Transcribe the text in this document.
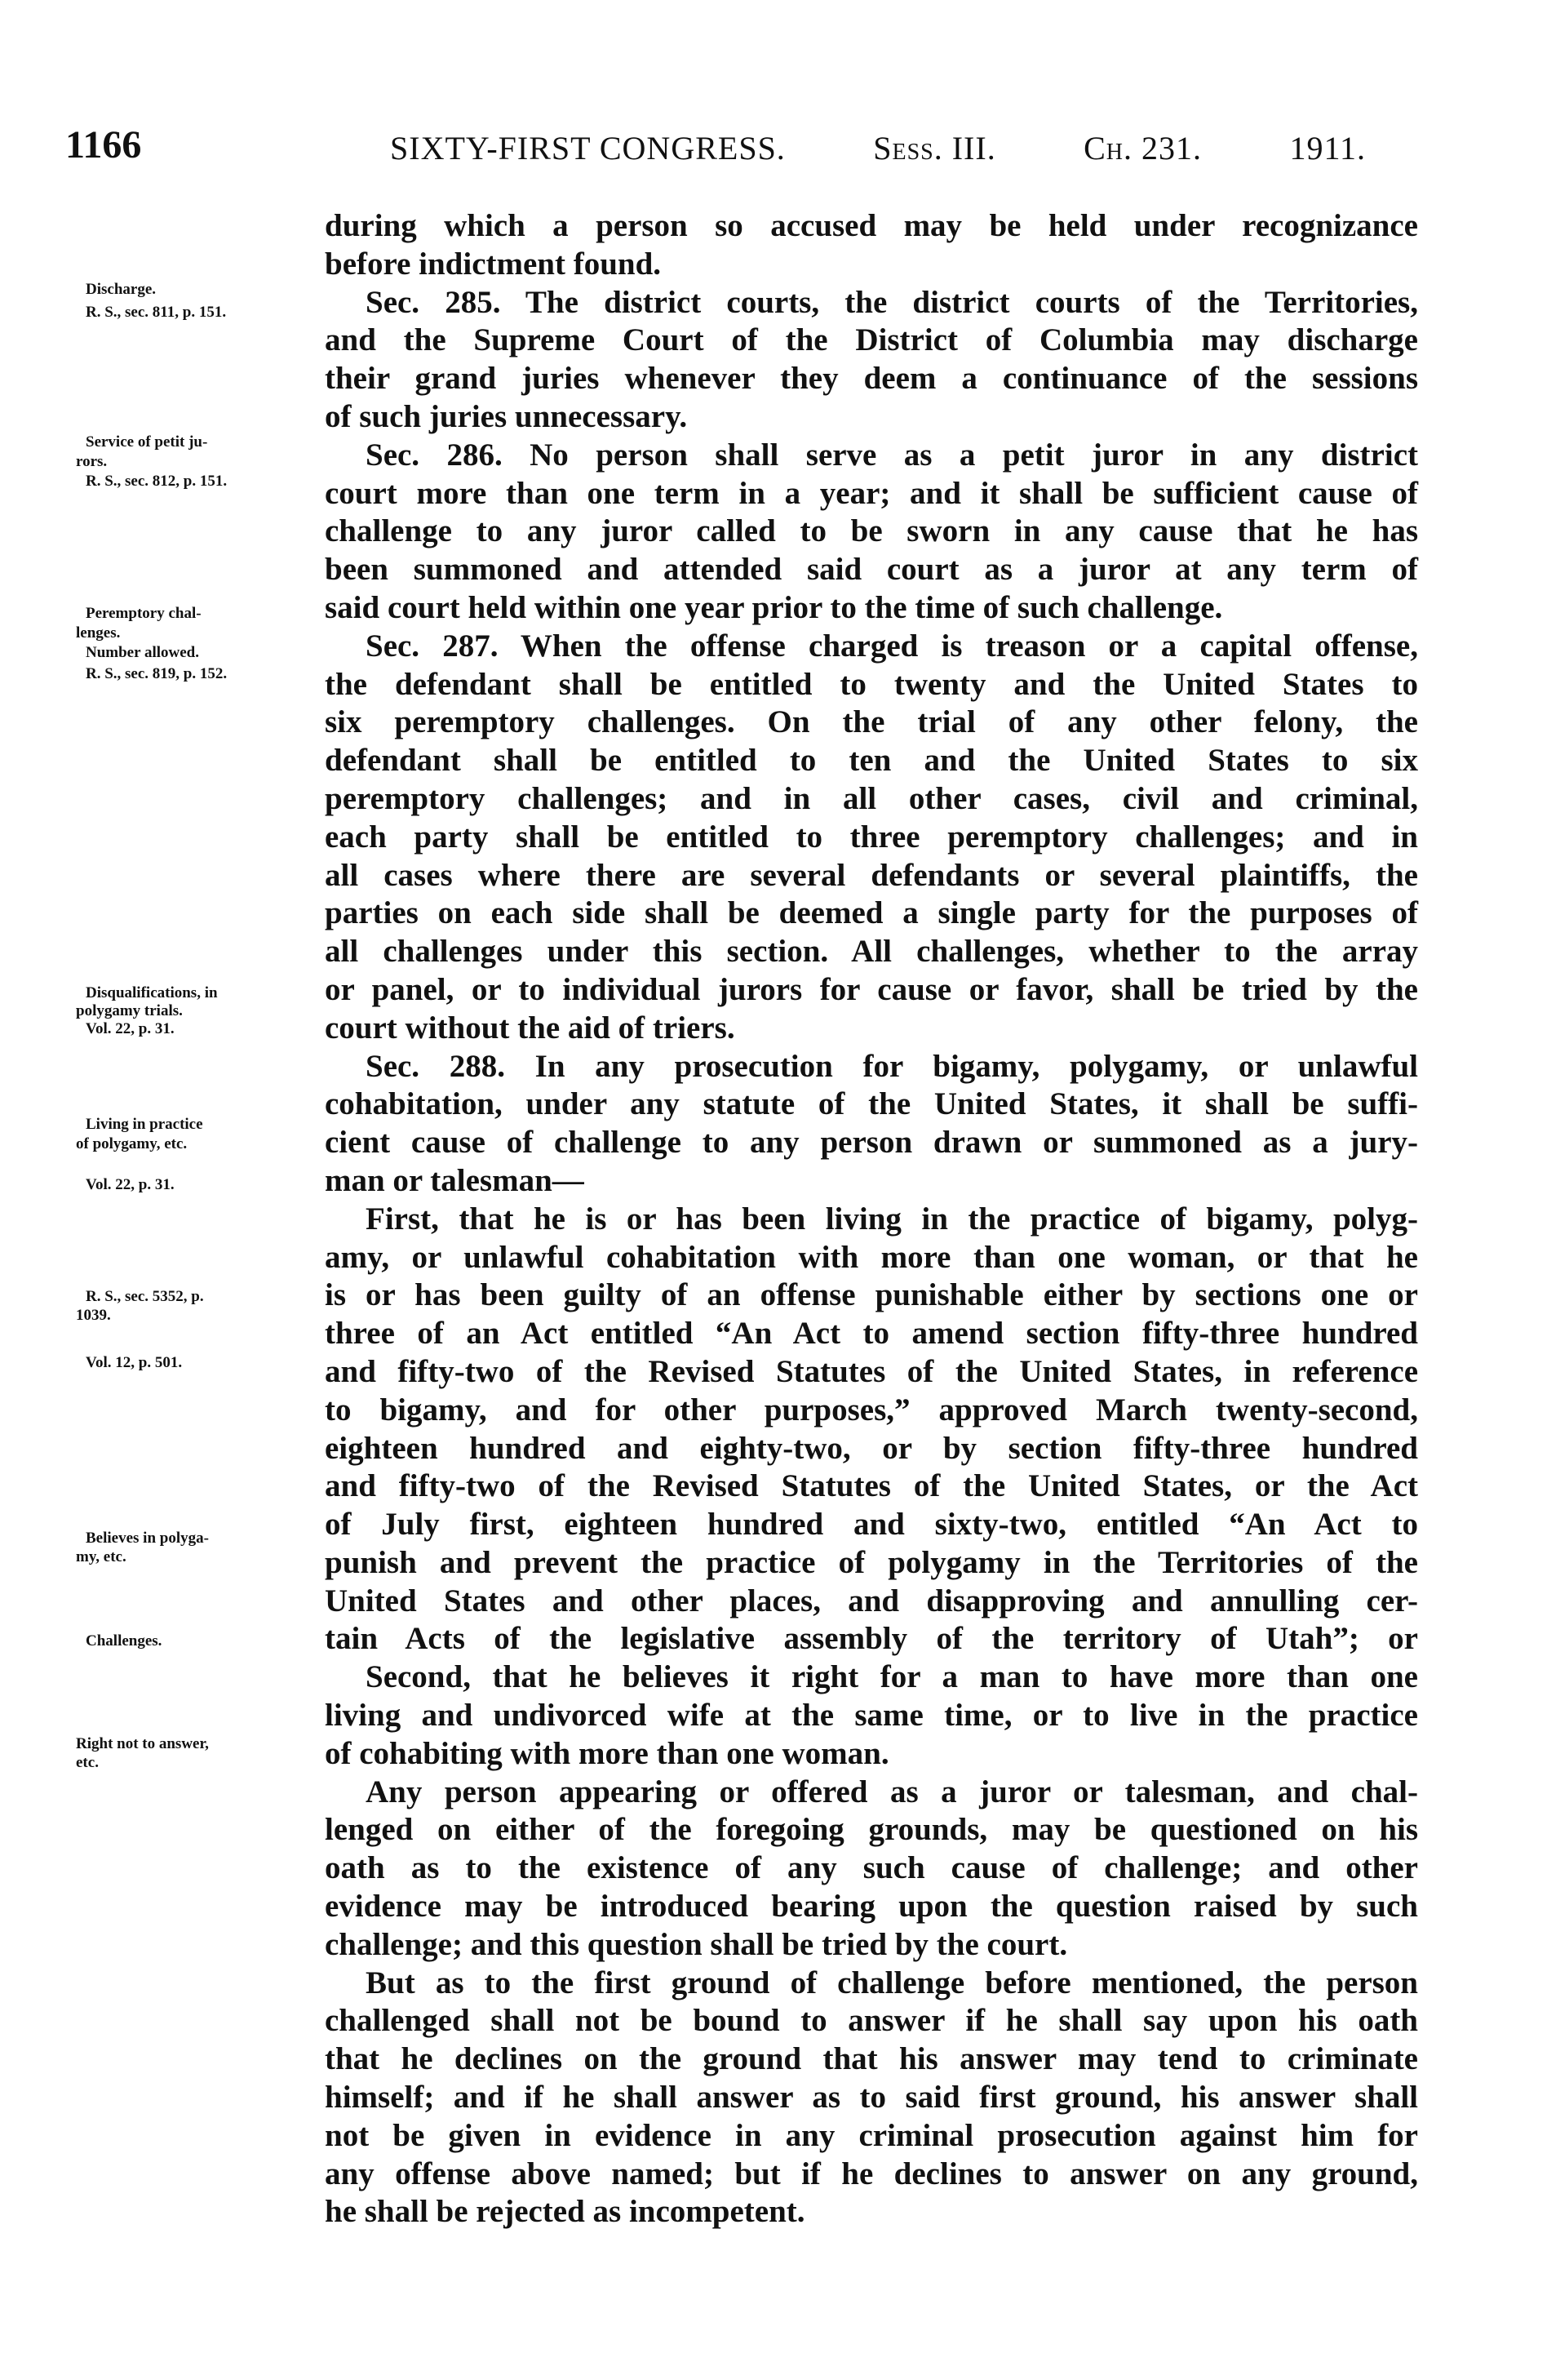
1166	SIXTY-FIRST CONGRESS.	Sess. III.	Ch. 231.	1911.
Discharge.
R. S., sec. 811, p. 151.
Service of petit ju-
rors.
R. S., sec. 812, p. 151.
Peremptory chal-
lenges.
Number allowed.
R. S., sec. 819, p. 152.
Disqualifications, in
polygamy trials.
Vol. 22, p. 31.
Living in practice
of polygamy, etc.
Vol. 22, p. 31.
R. S., sec. 5352, p.
1039.
Vol. 12, p. 501.
Believes in polyga-
my, etc.
Challenges.
Right not to answer,
etc.
during which a person so accused may be held under recognizance
before indictment found.
Sec. 285. The district courts, the district courts of the Territories,
and the Supreme Court of the District of Columbia may discharge
their grand juries whenever they deem a continuance of the sessions
of such juries unnecessary.
Sec. 286. No person shall serve as a petit juror in any district
court more than one term in a year; and it shall be sufficient cause of
challenge to any juror called to be sworn in any cause that he has
been summoned and attended said court as a juror at any term of
said court held within one year prior to the time of such challenge.
Sec. 287. When the offense charged is treason or a capital offense,
the defendant shall be entitled to twenty and the United States to
six peremptory challenges. On the trial of any other felony, the
defendant shall be entitled to ten and the United States to six
peremptory challenges; and in all other cases, civil and criminal,
each party shall be entitled to three peremptory challenges; and in
all cases where there are several defendants or several plaintiffs, the
parties on each side shall be deemed a single party for the purposes of
all challenges under this section. All challenges, whether to the array
or panel, or to individual jurors for cause or favor, shall be tried by the
court without the aid of triers.
Sec. 288. In any prosecution for bigamy, polygamy, or unlawful
cohabitation, under any statute of the United States, it shall be suffi-
cient cause of challenge to any person drawn or summoned as a jury-
man or talesman—
First, that he is or has been living in the practice of bigamy, polyg-
amy, or unlawful cohabitation with more than one woman, or that he
is or has been guilty of an offense punishable either by sections one or
three of an Act entitled “An Act to amend section fifty-three hundred
and fifty-two of the Revised Statutes of the United States, in reference
to bigamy, and for other purposes,” approved March twenty-second,
eighteen hundred and eighty-two, or by section fifty-three hundred
and fifty-two of the Revised Statutes of the United States, or the Act
of July first, eighteen hundred and sixty-two, entitled “An Act to
punish and prevent the practice of polygamy in the Territories of the
United States and other places, and disapproving and annulling cer-
tain Acts of the legislative assembly of the territory of Utah”; or
Second, that he believes it right for a man to have more than one
living and undivorced wife at the same time, or to live in the practice
of cohabiting with more than one woman.
Any person appearing or offered as a juror or talesman, and chal-
lenged on either of the foregoing grounds, may be questioned on his
oath as to the existence of any such cause of challenge; and other
evidence may be introduced bearing upon the question raised by such
challenge; and this question shall be tried by the court.
But as to the first ground of challenge before mentioned, the person
challenged shall not be bound to answer if he shall say upon his oath
that he declines on the ground that his answer may tend to criminate
himself; and if he shall answer as to said first ground, his answer shall
not be given in evidence in any criminal prosecution against him for
any offense above named; but if he declines to answer on any ground,
he shall be rejected as incompetent.
